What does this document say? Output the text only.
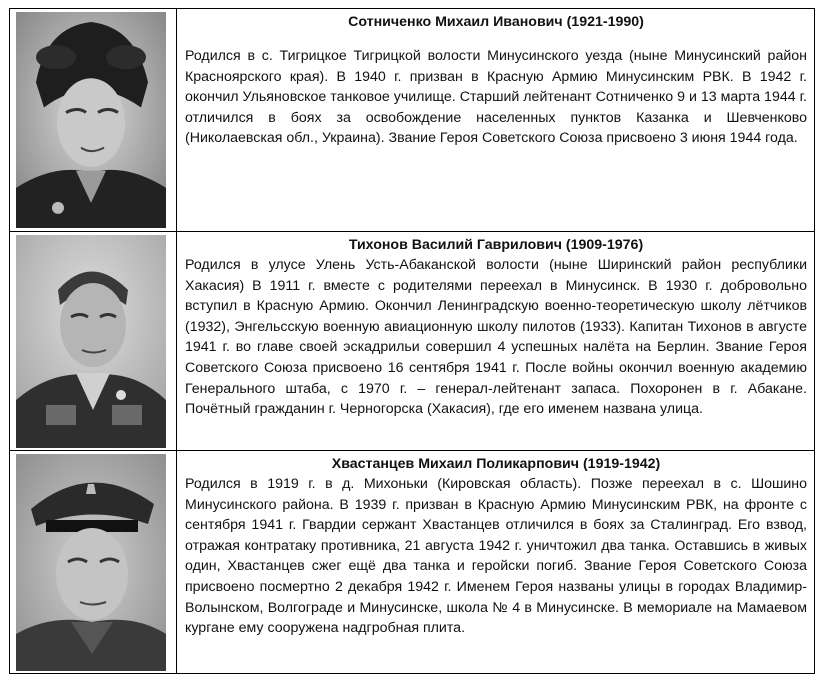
Сотниченко Михаил Иванович (1921-1990)

Родился в с. Тигрицкое Тигрицкой волости Минусинского уезда (ныне Минусинский район Красноярского края). В 1940 г. призван в Красную Армию Минусинским РВК. В 1942 г. окончил Ульяновское танковое училище. Старший лейтенант Сотниченко 9 и 13 марта 1944 г. отличился в боях за освобождение населенных пунктов Казанка и Шевченково (Николаевская обл., Украина). Звание Героя Советского Союза присвоено 3 июня 1944 года.

Тихонов Василий Гаврилович (1909-1976)

Родился в улусе Улень Усть-Абаканской волости (ныне Ширинский район республики Хакасия) В 1911 г. вместе с родителями переехал в Минусинск. В 1930 г. добровольно вступил в Красную Армию. Окончил Ленинградскую военно-теоретическую школу лётчиков (1932), Энгельсскую военную авиационную школу пилотов (1933). Капитан Тихонов в августе 1941 г. во главе своей эскадрильи совершил 4 успешных налёта на Берлин. Звание Героя Советского Союза присвоено 16 сентября 1941 г. После войны окончил военную академию Генерального штаба, с 1970 г. – генерал-лейтенант запаса. Похоронен в г. Абакане. Почётный гражданин г. Черногорска (Хакасия), где его именем названа улица.

Хвастанцев Михаил Поликарпович (1919-1942)

Родился в 1919 г. в д. Михоньки (Кировская область). Позже переехал в с. Шошино Минусинского района. В 1939 г. призван в Красную Армию Минусинским РВК, на фронте с сентября 1941 г. Гвардии сержант Хвастанцев отличился в боях за Сталинград. Его взвод, отражая контратаку противника, 21 августа 1942 г. уничтожил два танка. Оставшись в живых один, Хвастанцев сжег ещё два танка и геройски погиб. Звание Героя Советского Союза присвоено посмертно 2 декабря 1942 г. Именем Героя названы улицы в городах Владимир-Волынском, Волгограде и Минусинске, школа № 4 в Минусинске. В мемориале на Мамаевом кургане ему сооружена надгробная плита.
